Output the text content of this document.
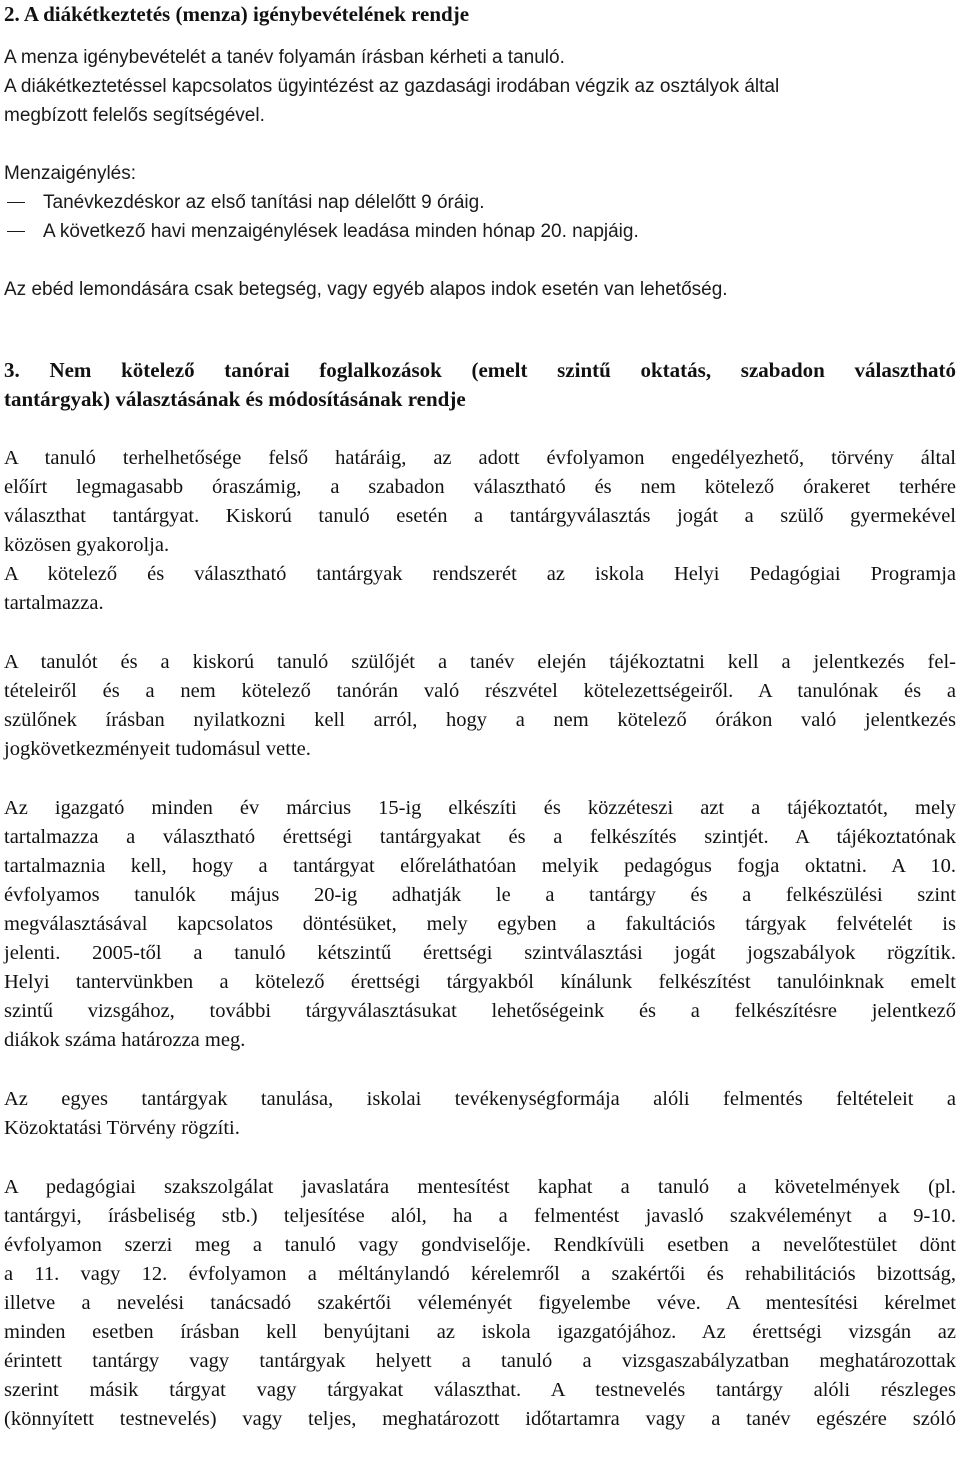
2. A diákétkeztetés (menza) igénybevételének rendje
A menza igénybevételét a tanév folyamán írásban kérheti a tanuló.
A diákétkeztetéssel kapcsolatos ügyintézést az gazdasági irodában végzik az osztályok által
megbízott felelős segítségével.
Menzaigénylés:
Tanévkezdéskor az első tanítási nap délelőtt 9 óráig.
A következő havi menzaigénylések leadása minden hónap 20. napjáig.
Az ebéd lemondására csak betegség, vagy egyéb alapos indok esetén van lehetőség.
3. Nem kötelező tanórai foglalkozások (emelt szintű oktatás, szabadon választható
tantárgyak) választásának és módosításának rendje
A tanuló terhelhetősége felső határáig, az adott évfolyamon engedélyezhető, törvény által
előírt legmagasabb óraszámig, a szabadon választható és nem kötelező órakeret terhére
választhat tantárgyat. Kiskorú tanuló esetén a tantárgyválasztás jogát a szülő gyermekével
közösen gyakorolja.
A kötelező és választható tantárgyak rendszerét az iskola Helyi Pedagógiai Programja
tartalmazza.
A tanulót és a kiskorú tanuló szülőjét a tanév elején tájékoztatni kell a jelentkezés fel-
tételeiről és a nem kötelező tanórán való részvétel kötelezettségeiről. A tanulónak és a
szülőnek írásban nyilatkozni kell arról, hogy a nem kötelező órákon való jelentkezés
jogkövetkezményeit tudomásul vette.
Az igazgató minden év március 15-ig elkészíti és közzéteszi azt a tájékoztatót, mely
tartalmazza a választható érettségi tantárgyakat és a felkészítés szintjét. A tájékoztatónak
tartalmaznia kell, hogy a tantárgyat előreláthatóan melyik pedagógus fogja oktatni. A 10.
évfolyamos tanulók május 20-ig adhatják le a tantárgy és a felkészülési szint
megválasztásával kapcsolatos döntésüket, mely egyben a fakultációs tárgyak felvételét is
jelenti. 2005-től a tanuló kétszintű érettségi szintválasztási jogát jogszabályok rögzítik.
Helyi tantervünkben a kötelező érettségi tárgyakból kínálunk felkészítést tanulóinknak emelt
szintű vizsgához, további tárgyválasztásukat lehetőségeink és a felkészítésre jelentkező
diákok száma határozza meg.
Az egyes tantárgyak tanulása, iskolai tevékenységformája alóli felmentés feltételeit a
Közoktatási Törvény rögzíti.
A pedagógiai szakszolgálat javaslatára mentesítést kaphat a tanuló a követelmények (pl.
tantárgyi, írásbeliség stb.) teljesítése alól, ha a felmentést javasló szakvéleményt a 9-10.
évfolyamon szerzi meg a tanuló vagy gondviselője. Rendkívüli esetben a nevelőtestület dönt
a 11. vagy 12. évfolyamon a méltánylandó kérelemről a szakértői és rehabilitációs bizottság,
illetve a nevelési tanácsadó szakértői véleményét figyelembe véve. A mentesítési kérelmet
minden esetben írásban kell benyújtani az iskola igazgatójához. Az érettségi vizsgán az
érintett tantárgy vagy tantárgyak helyett a tanuló a vizsgaszabályzatban meghatározottak
szerint másik tárgyat vagy tárgyakat választhat. A testnevelés tantárgy alóli részleges
(könnyített testnevelés) vagy teljes, meghatározott időtartamra vagy a tanév egészére szóló
